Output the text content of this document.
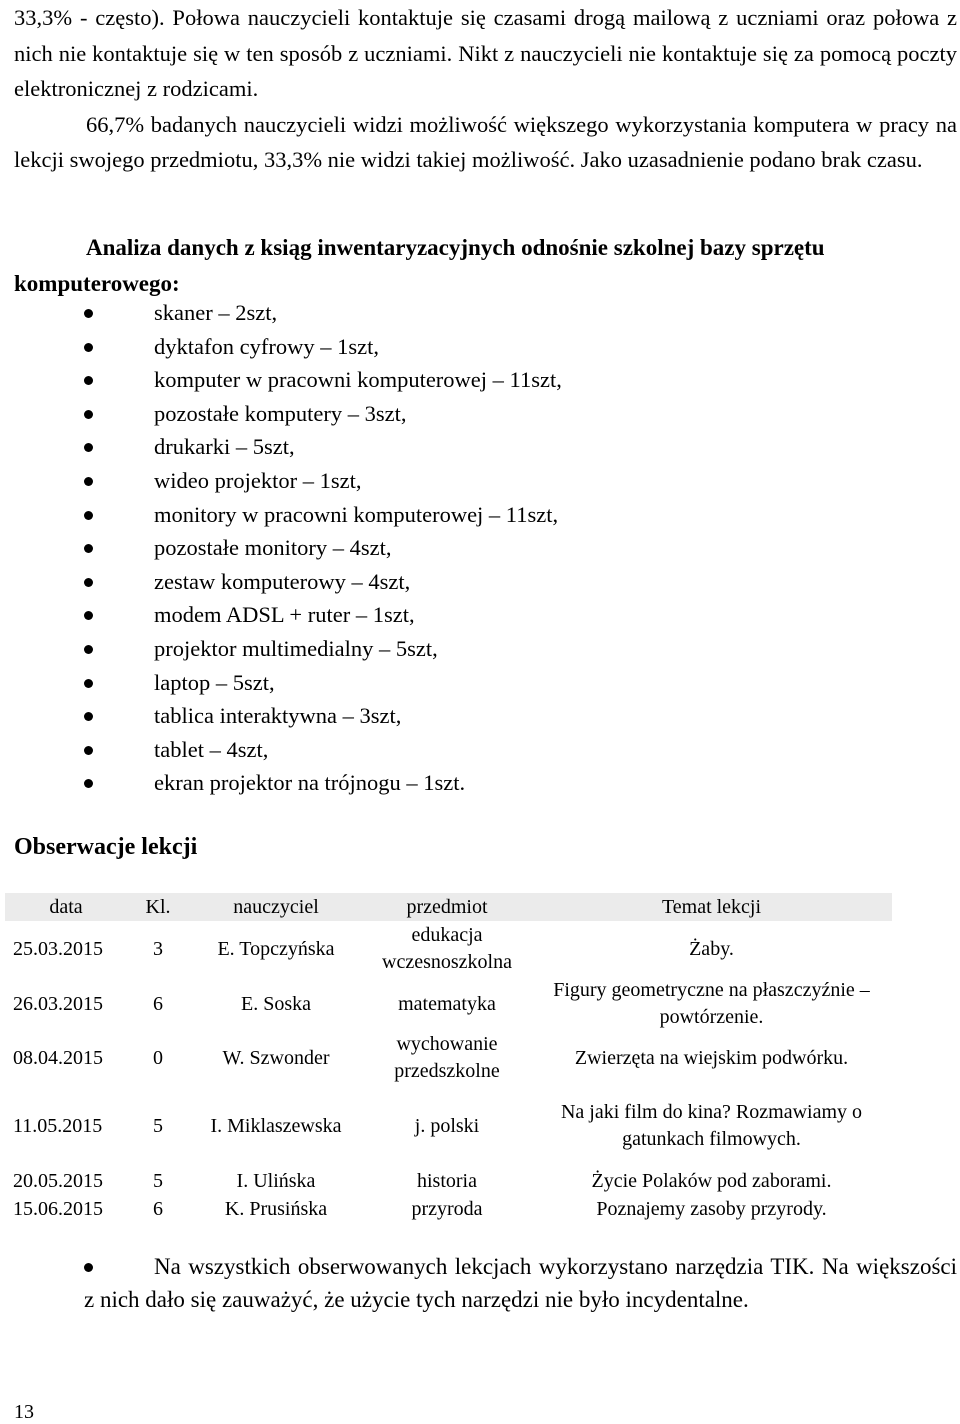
33,3% - często). Połowa nauczycieli kontaktuje się czasami drogą mailową z uczniami oraz połowa z nich nie kontaktuje się w ten sposób z uczniami. Nikt z nauczycieli nie kontaktuje się za pomocą poczty elektronicznej z rodzicami.
66,7% badanych nauczycieli widzi możliwość większego wykorzystania komputera w pracy na lekcji swojego przedmiotu, 33,3% nie widzi takiej możliwość. Jako uzasadnienie podano brak czasu.

Analiza danych z ksiąg inwentaryzacyjnych odnośnie szkolnej bazy sprzętu komputerowego:

skaner – 2szt,
dyktafon cyfrowy – 1szt,
komputer w pracowni komputerowej – 11szt,
pozostałe komputery – 3szt,
drukarki – 5szt,
wideo projektor – 1szt,
monitory w pracowni komputerowej – 11szt,
pozostałe monitory – 4szt,
zestaw komputerowy – 4szt,
modem ADSL + ruter – 1szt,
projektor multimedialny – 5szt,
laptop – 5szt,
tablica interaktywna – 3szt,
tablet – 4szt,
ekran projektor na trójnogu – 1szt.
Obserwacje lekcji
data	Kl.	nauczyciel	przedmiot	Temat lekcji
25.03.2015	3	E. Topczyńska	edukacja wczesnoszkolna	Żaby.
26.03.2015	6	E. Soska	matematyka	Figury geometryczne na płaszczyźnie – powtórzenie.
08.04.2015	0	W. Szwonder	wychowanie przedszkolne	Zwierzęta na wiejskim podwórku.
11.05.2015	5	I. Miklaszewska	j. polski	Na jaki film do kina? Rozmawiamy o gatunkach filmowych.
20.05.2015	5	I. Ulińska	historia	Życie Polaków pod zaborami.
15.06.2015	6	K. Prusińska	przyroda	Poznajemy zasoby przyrody.

Na wszystkich obserwowanych lekcjach wykorzystano narzędzia TIK. Na większości z nich dało się zauważyć, że użycie tych narzędzi nie było incydentalne.

13
